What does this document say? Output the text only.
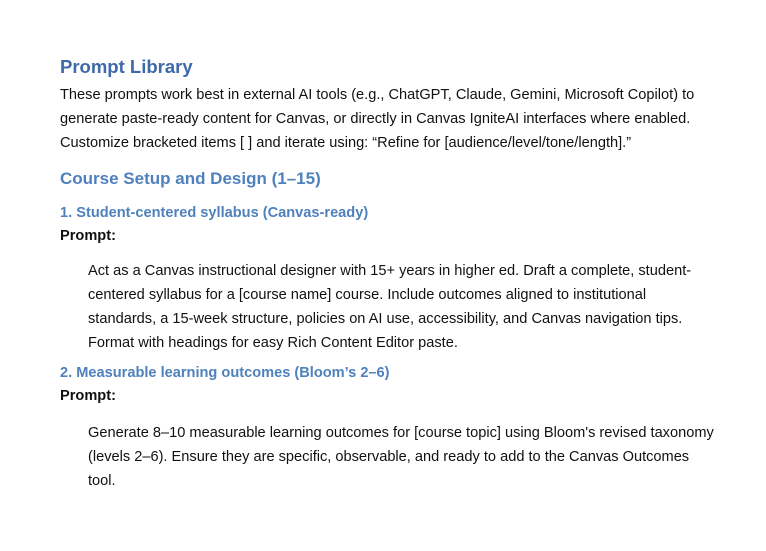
Prompt Library

These prompts work best in external AI tools (e.g., ChatGPT, Claude, Gemini, Microsoft Copilot) to generate paste-ready content for Canvas, or directly in Canvas IgniteAI interfaces where enabled. Customize bracketed items [ ] and iterate using: “Refine for [audience/level/tone/length].”

Course Setup and Design (1–15)
1. Student-centered syllabus (Canvas-ready)
Prompt:

Act as a Canvas instructional designer with 15+ years in higher ed. Draft a complete, student-centered syllabus for a [course name] course. Include outcomes aligned to institutional standards, a 15-week structure, policies on AI use, accessibility, and Canvas navigation tips. Format with headings for easy Rich Content Editor paste.

2. Measurable learning outcomes (Bloom’s 2–6)
Prompt:

Generate 8–10 measurable learning outcomes for [course topic] using Bloom's revised taxonomy (levels 2–6). Ensure they are specific, observable, and ready to add to the Canvas Outcomes tool.
